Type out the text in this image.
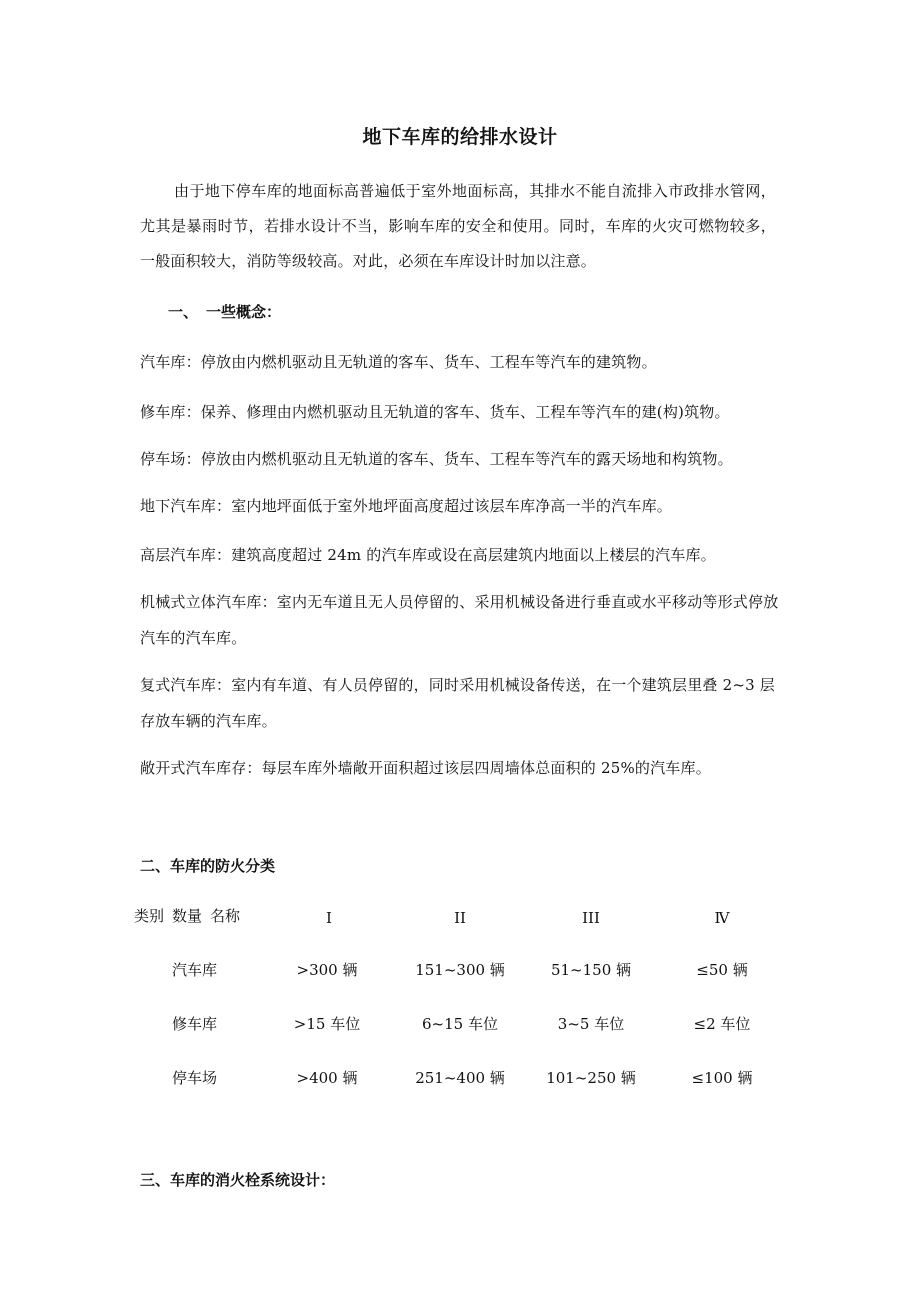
地下车库的给排水设计
由于地下停车库的地面标高普遍低于室外地面标高，其排水不能自流排入市政排水管网，尤其是暴雨时节，若排水设计不当，影响车库的安全和使用。同时，车库的火灾可燃物较多，一般面积较大，消防等级较高。对此，必须在车库设计时加以注意。
一、 一些概念：
汽车库：停放由内燃机驱动且无轨道的客车、货车、工程车等汽车的建筑物。
修车库：保养、修理由内燃机驱动且无轨道的客车、货车、工程车等汽车的建(构)筑物。
停车场：停放由内燃机驱动且无轨道的客车、货车、工程车等汽车的露天场地和构筑物。
地下汽车库：室内地坪面低于室外地坪面高度超过该层车库净高一半的汽车库。
高层汽车库：建筑高度超过 24m 的汽车库或设在高层建筑内地面以上楼层的汽车库。
机械式立体汽车库：室内无车道且无人员停留的、采用机械设备进行垂直或水平移动等形式停放汽车的汽车库。
复式汽车库：室内有车道、有人员停留的，同时采用机械设备传送，在一个建筑层里叠 2~3 层存放车辆的汽车库。
敞开式汽车库存：每层车库外墙敞开面积超过该层四周墙体总面积的 25%的汽车库。
二、车库的防火分类
类别 数量 名称	I	II	III	Ⅳ
汽车库	>300 辆	151~300 辆	51~150 辆	≤50 辆
修车库	>15 车位	6~15 车位	3~5 车位	≤2 车位
停车场	>400 辆	251~400 辆	101~250 辆	≤100 辆
三、车库的消火栓系统设计：
